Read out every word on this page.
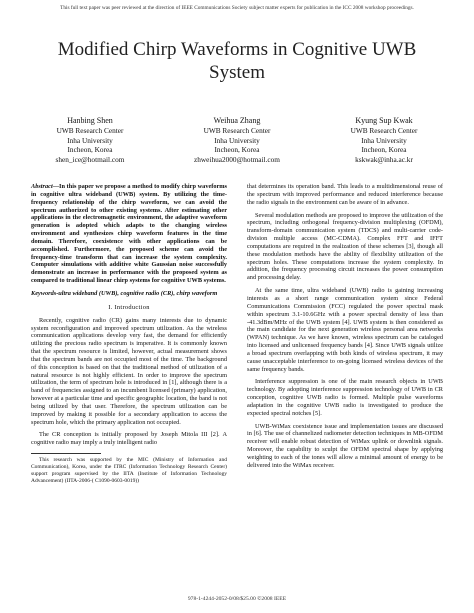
This full text paper was peer reviewed at the direction of IEEE Communications Society subject matter experts for publication in the ICC 2008 workshop proceedings.
Modified Chirp Waveforms in Cognitive UWB System
Hanbing Shen
UWB Research Center
Inha University
Incheon, Korea
shen_ice@hotmail.com
Weihua Zhang
UWB Research Center
Inha University
Incheon, Korea
zhweihua2000@hotmail.com
Kyung Sup Kwak
UWB Research Center
Inha University
Incheon, Korea
kskwak@inha.ac.kr

Abstract—In this paper we propose a method to modify chirp waveforms in cognitive ultra wideband (UWB) system. By utilizing the time-frequency relationship of the chirp waveform, we can avoid the spectrum authorized to other existing systems. After estimating other applications in the electromagnetic environment, the adaptive waveform generation is adopted which adapts to the changing wireless environment and synthesizes chirp waveform features in the time domain. Therefore, coexistence with other applications can be accomplished. Furthermore, the proposed scheme can avoid the frequency-time transform that can increase the system complexity. Computer simulations with additive white Gaussian noise successfully demonstrate an increase in performance with the proposed system as compared to traditional linear chirp systems for cognitive UWB systems.

Keywords-ultra wideband (UWB), cognitive radio (CR), chirp waveform

I. Introduction

Recently, cognitive radio (CR) gains many interests due to dynamic system reconfiguration and improved spectrum utilization. As the wireless communication applications develop very fast, the demand for efficiently utilizing the precious radio spectrum is imperative. It is commonly known that the spectrum resource is limited, however, actual measurement shows that the spectrum bands are not occupied most of the time. The background of this conception is based on that the traditional method of utilization of a natural resource is not highly efficient. In order to improve the spectrum utilization, the term of spectrum hole is introduced in [1], although there is a band of frequencies assigned to an incumbent licensed (primary) application, however at a particular time and specific geographic location, the band is not being utilized by that user. Therefore, the spectrum utilization can be improved by making it possible for a secondary application to access the spectrum hole, which the primary application not occupied.

The CR conception is initially proposed by Joseph Mitola III [2]. A cognitive radio may imply a truly intelligent radio

This research was supported by the MIC (Ministry of Information and Communication), Korea, under the ITRC (Information Technology Research Center) support program supervised by the IITA (Institute of Information Technology Advancement) (IITA-2006-( C1090-0603-0019))

that determines its operation band. This leads to a multidimensional reuse of the spectrum with improved performance and reduced interference because the radio signals in the environment can be aware of in advance.

Several modulation methods are proposed to improve the utilization of the spectrum, including orthogonal frequency-division multiplexing (OFDM), transform-domain communication system (TDCS) and multi-carrier code-division multiple access (MC-CDMA). Complex FFT and IFFT computations are required in the realization of these schemes [3], though all these modulation methods have the ability of flexibility utilization of the spectrum holes. These computations increase the system complexity. In addition, the frequency processing circuit increases the power consumption and processing delay.

At the same time, ultra wideband (UWB) radio is gaining increasing interests as a short range communication system since Federal Communications Commission (FCC) regulated the power spectral mask within spectrum 3.1-10.6GHz with a power spectral density of less than -41.3dBm/MHz of the UWB system [4]. UWB system is then considered as the main candidate for the next generation wireless personal area networks (WPAN) technique. As we have known, wireless spectrum can be cataloged into licensed and unlicensed frequency bands [4]. Since UWB signals utilize a broad spectrum overlapping with both kinds of wireless spectrum, it may cause unacceptable interference to on-going licensed wireless devices of the same frequency bands.

Interference suppression is one of the main research objects in UWB technology. By adopting interference suppression technology of UWB in CR conception, cognitive UWB radio is formed. Multiple pulse waveforms adaptation in the cognitive UWB radio is investigated to produce the expected spectral notches [5].

UWB-WiMax coexistence issue and implementation issues are discussed in [6]. The use of channelized radiometer detection techniques in MB-OFDM receiver will enable robust detection of WiMax uplink or downlink signals. Moreover, the capability to sculpt the OFDM spectral shape by applying weighting to each of the tones will allow a minimal amount of energy to be delivered into the WiMax receiver.

978-1-4244-2052-0/08/$25.00 ©2008 IEEE
